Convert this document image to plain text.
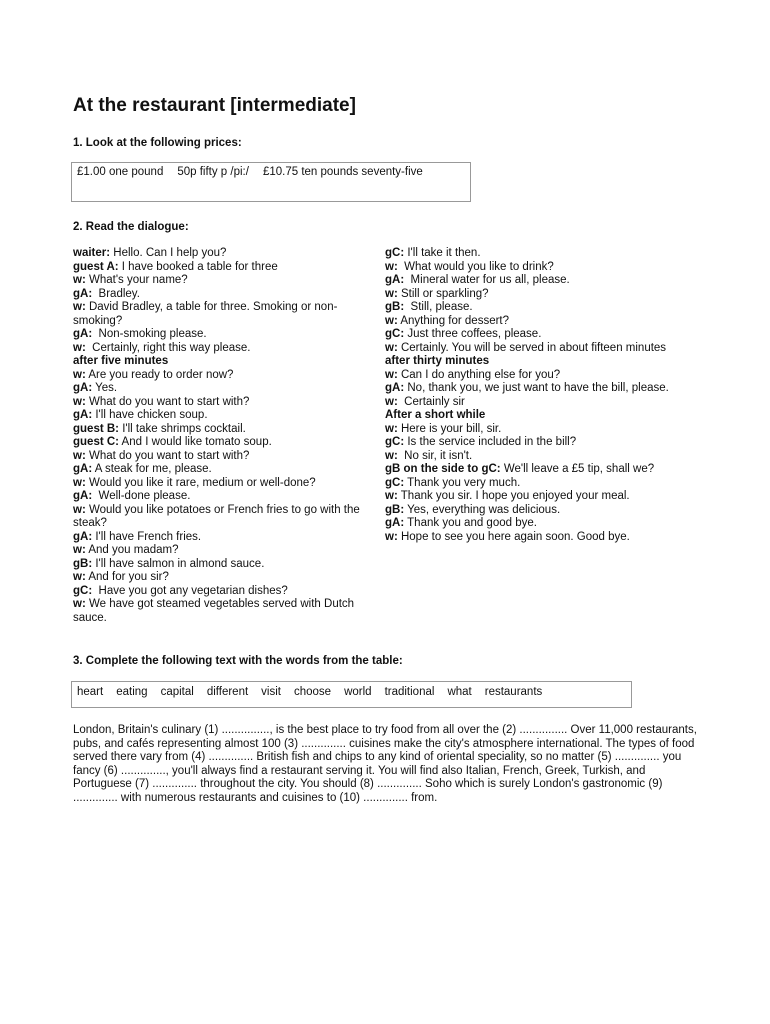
At the restaurant [intermediate]
1. Look at the following prices:
£1.00 one pound 50p fifty p /pi:/ £10.75 ten pounds seventy-five
2. Read the dialogue:
waiter: Hello. Can I help you?
guest A: I have booked a table for three
w: What's your name?
gA:  Bradley.
w: David Bradley, a table for three. Smoking or non-smoking?
gA:  Non-smoking please.
w:  Certainly, right this way please.
after five minutes
w: Are you ready to order now?
gA: Yes.
w: What do you want to start with?
gA: I'll have chicken soup.
guest B: I'll take shrimps cocktail.
guest C: And I would like tomato soup.
w: What do you want to start with?
gA: A steak for me, please.
w: Would you like it rare, medium or well-done?
gA:  Well-done please.
w: Would you like potatoes or French fries to go with the steak?
gA: I'll have French fries.
w: And you madam?
gB: I'll have salmon in almond sauce.
w: And for you sir?
gC:  Have you got any vegetarian dishes?
w: We have got steamed vegetables served with Dutch sauce.
gC: I'll take it then.
w:  What would you like to drink?
gA:  Mineral water for us all, please.
w: Still or sparkling?
gB:  Still, please.
w: Anything for dessert?
gC: Just three coffees, please.
w: Certainly. You will be served in about fifteen minutes
after thirty minutes
w: Can I do anything else for you?
gA: No, thank you, we just want to have the bill, please.
w:  Certainly sir
After a short while
w: Here is your bill, sir.
gC: Is the service included in the bill?
w:  No sir, it isn't.
gB on the side to gC: We'll leave a £5 tip, shall we?
gC: Thank you very much.
w: Thank you sir. I hope you enjoyed your meal.
gB: Yes, everything was delicious.
gA: Thank you and good bye.
w: Hope to see you here again soon. Good bye.
3. Complete the following text with the words from the table:
heart eating capital different visit choose world traditional what restaurants

London, Britain's culinary (1) ..............., is the best place to try food from all over the (2) ............... Over 11,000 restaurants, pubs, and cafés representing almost 100 (3) .............. cuisines make the city's atmosphere international. The types of food served there vary from (4) .............. British fish and chips to any kind of oriental speciality, so no matter (5) .............. you fancy (6) .............., you'll always find a restaurant serving it. You will find also Italian, French, Greek, Turkish, and Portuguese (7) .............. throughout the city. You should (8) .............. Soho which is surely London's gastronomic (9) .............. with numerous restaurants and cuisines to (10) .............. from.
